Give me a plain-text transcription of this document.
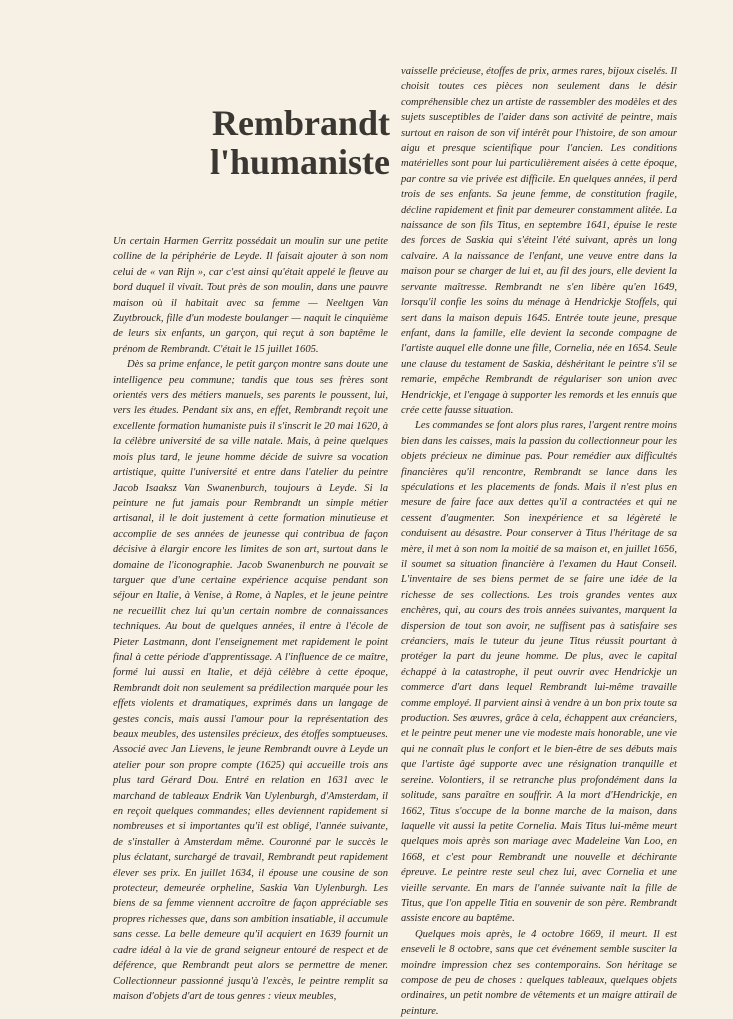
Rembrandt
l'humaniste

Un certain Harmen Gerritz possédait un moulin sur une petite colline de la périphérie de Leyde. Il faisait ajouter à son nom celui de « van Rijn », car c'est ainsi qu'était appelé le fleuve au bord duquel il vivait. Tout près de son moulin, dans une pauvre maison où il habitait avec sa femme — Neeltgen Van Zuytbrouck, fille d'un modeste boulanger — naquit le cinquième de leurs six enfants, un garçon, qui reçut à son baptême le prénom de Rembrandt. C'était le 15 juillet 1605.

Dès sa prime enfance, le petit garçon montre sans doute une intelligence peu commune; tandis que tous ses frères sont orientés vers des métiers manuels, ses parents le poussent, lui, vers les études. Pendant six ans, en effet, Rembrandt reçoit une excellente formation humaniste puis il s'inscrit le 20 mai 1620, à la célèbre université de sa ville natale. Mais, à peine quelques mois plus tard, le jeune homme décide de suivre sa vocation artistique, quitte l'université et entre dans l'atelier du peintre Jacob Isaaksz Van Swanenburch, toujours à Leyde. Si la peinture ne fut jamais pour Rembrandt un simple métier artisanal, il le doit justement à cette formation minutieuse et accomplie de ses années de jeunesse qui contribua de façon décisive à élargir encore les limites de son art, surtout dans le domaine de l'iconographie. Jacob Swanenburch ne pouvait se targuer que d'une certaine expérience acquise pendant son séjour en Italie, à Venise, à Rome, à Naples, et le jeune peintre ne recueillit chez lui qu'un certain nombre de connaissances techniques. Au bout de quelques années, il entre à l'école de Pieter Lastmann, dont l'enseignement met rapidement le point final à cette période d'apprentissage. A l'influence de ce maître, formé lui aussi en Italie, et déjà célèbre à cette époque, Rembrandt doit non seulement sa prédilection marquée pour les effets violents et dramatiques, exprimés dans un langage de gestes concis, mais aussi l'amour pour la représentation des beaux meubles, des ustensiles précieux, des étoffes somptueuses. Associé avec Jan Lievens, le jeune Rembrandt ouvre à Leyde un atelier pour son propre compte (1625) qui accueille trois ans plus tard Gérard Dou. Entré en relation en 1631 avec le marchand de tableaux Endrik Van Uylenburgh, d'Amsterdam, il en reçoit quelques commandes; elles deviennent rapidement si nombreuses et si importantes qu'il est obligé, l'année suivante, de s'installer à Amsterdam même. Couronné par le succès le plus éclatant, surchargé de travail, Rembrandt peut rapidement élever ses prix. En juillet 1634, il épouse une cousine de son protecteur, demeurée orpheline, Saskia Van Uylenburgh. Les biens de sa femme viennent accroître de façon appréciable ses propres richesses que, dans son ambition insatiable, il accumule sans cesse. La belle demeure qu'il acquiert en 1639 fournit un cadre idéal à la vie de grand seigneur entouré de respect et de déférence, que Rembrandt peut alors se permettre de mener. Collectionneur passionné jusqu'à l'excès, le peintre remplit sa maison d'objets d'art de tous genres : vieux meubles,

vaisselle précieuse, étoffes de prix, armes rares, bijoux ciselés. Il choisit toutes ces pièces non seulement dans le désir compréhensible chez un artiste de rassembler des modèles et des sujets susceptibles de l'aider dans son activité de peintre, mais surtout en raison de son vif intérêt pour l'histoire, de son amour aigu et presque scientifique pour l'ancien. Les conditions matérielles sont pour lui particulièrement aisées à cette époque, par contre sa vie privée est difficile. En quelques années, il perd trois de ses enfants. Sa jeune femme, de constitution fragile, décline rapidement et finit par demeurer constamment alitée. La naissance de son fils Titus, en septembre 1641, épuise le reste des forces de Saskia qui s'éteint l'été suivant, après un long calvaire. A la naissance de l'enfant, une veuve entre dans la maison pour se charger de lui et, au fil des jours, elle devient la servante maîtresse. Rembrandt ne s'en libère qu'en 1649, lorsqu'il confie les soins du ménage à Hendrickje Stoffels, qui sert dans la maison depuis 1645. Entrée toute jeune, presque enfant, dans la famille, elle devient la seconde compagne de l'artiste auquel elle donne une fille, Cornelia, née en 1654. Seule une clause du testament de Saskia, déshéritant le peintre s'il se remarie, empêche Rembrandt de régulariser son union avec Hendrickje, et l'engage à supporter les remords et les ennuis que crée cette fausse situation.

Les commandes se font alors plus rares, l'argent rentre moins bien dans les caisses, mais la passion du collectionneur pour les objets précieux ne diminue pas. Pour remédier aux difficultés financières qu'il rencontre, Rembrandt se lance dans les spéculations et les placements de fonds. Mais il n'est plus en mesure de faire face aux dettes qu'il a contractées et qui ne cessent d'augmenter. Son inexpérience et sa légèreté le conduisent au désastre. Pour conserver à Titus l'héritage de sa mère, il met à son nom la moitié de sa maison et, en juillet 1656, il soumet sa situation financière à l'examen du Haut Conseil. L'inventaire de ses biens permet de se faire une idée de la richesse de ses collections. Les trois grandes ventes aux enchères, qui, au cours des trois années suivantes, marquent la dispersion de tout son avoir, ne suffisent pas à satisfaire ses créanciers, mais le tuteur du jeune Titus réussit pourtant à protéger la part du jeune homme. De plus, avec le capital échappé à la catastrophe, il peut ouvrir avec Hendrickje un commerce d'art dans lequel Rembrandt lui-même travaille comme employé. Il parvient ainsi à vendre à un bon prix toute sa production. Ses œuvres, grâce à cela, échappent aux créanciers, et le peintre peut mener une vie modeste mais honorable, une vie qui ne connaît plus le confort et le bien-être de ses débuts mais que l'artiste âgé supporte avec une résignation tranquille et sereine. Volontiers, il se retranche plus profondément dans la solitude, sans paraître en souffrir. A la mort d'Hendrickje, en 1662, Titus s'occupe de la bonne marche de la maison, dans laquelle vit aussi la petite Cornelia. Mais Titus lui-même meurt quelques mois après son mariage avec Madeleine Van Loo, en 1668, et c'est pour Rembrandt une nouvelle et déchirante épreuve. Le peintre reste seul chez lui, avec Cornelia et une vieille servante. En mars de l'année suivante naît la fille de Titus, que l'on appelle Titia en souvenir de son père. Rembrandt assiste encore au baptême.

Quelques mois après, le 4 octobre 1669, il meurt. Il est enseveli le 8 octobre, sans que cet événement semble susciter la moindre impression chez ses contemporains. Son héritage se compose de peu de choses : quelques tableaux, quelques objets ordinaires, un petit nombre de vêtements et un maigre attirail de peinture.
